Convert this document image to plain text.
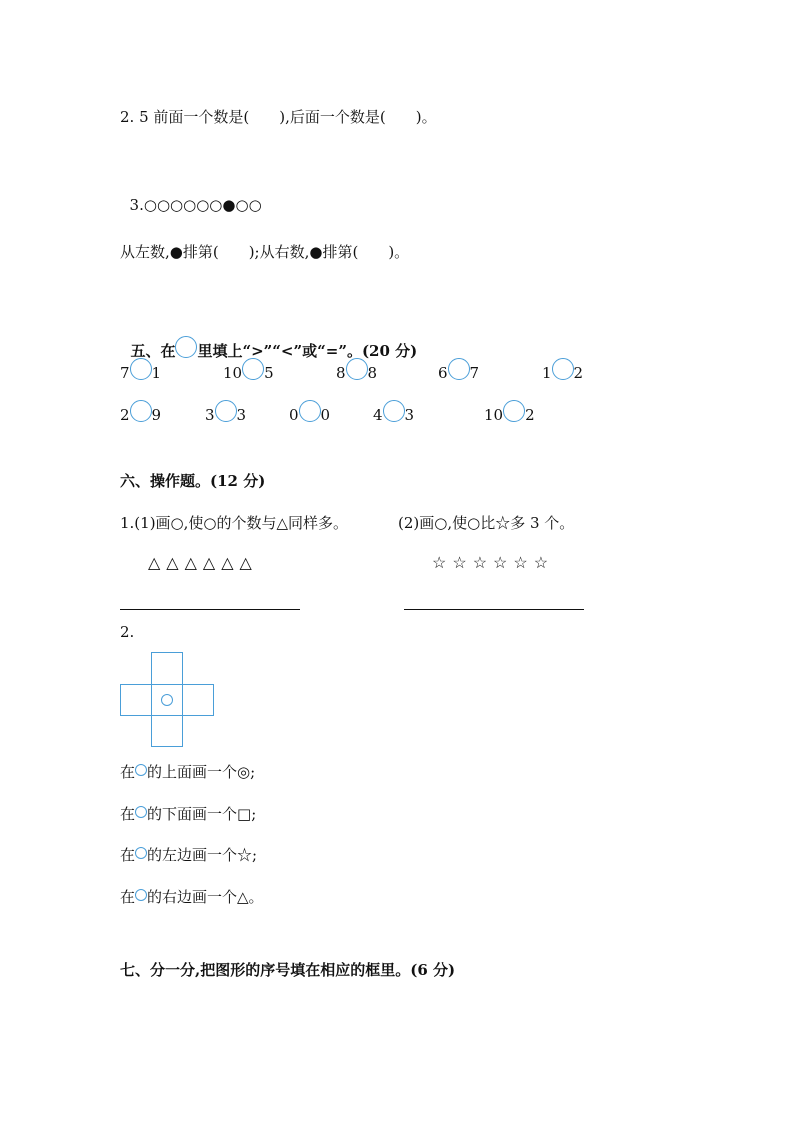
2. 5 前面一个数是(　　),后面一个数是(　　)。

3.○○○○○○●○○

从左数,●排第(　　);从右数,●排第(　　)。

五、在 里填上“>”“<”或“=”。(20 分)

7 1	10 5	8 8	6 7	1 2
2 9	3 3	0 0	4 3	10 2
六、操作题。(12 分)
1.(1)画○,使○的个数与△同样多。	(2)画○,使○比☆多 3 个。
△△△△△△	☆☆☆☆☆☆
2.
在 的上面画一个◎;
在 的下面画一个□;
在 的左边画一个☆;
在 的右边画一个△。
七、分一分,把图形的序号填在相应的框里。(6 分)
